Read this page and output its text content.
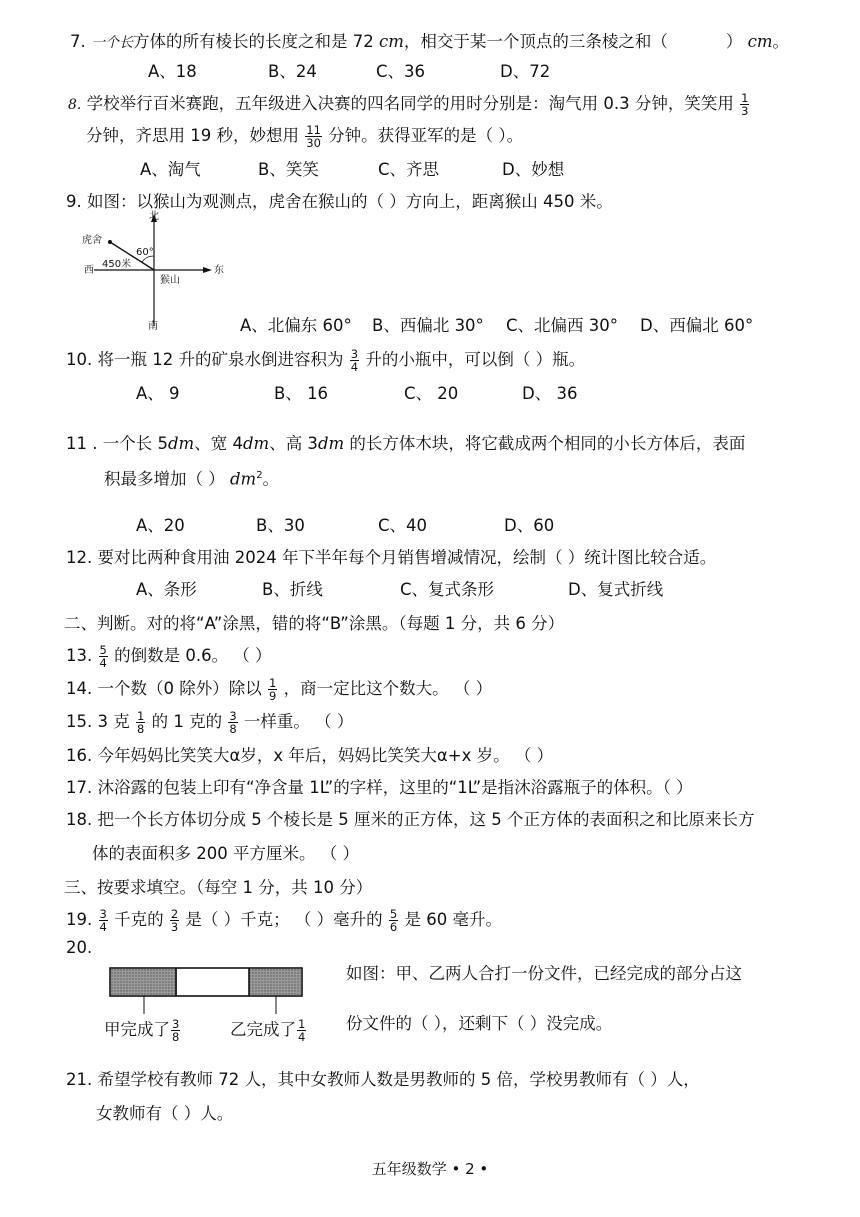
7. 一个长方体的所有棱长的长度之和是 72 cm，相交于某一个顶点的三条棱之和（	） cm。
A、18	B、24	C、36	D、72
8. 学校举行百米赛跑，五年级进入决赛的四名同学的用时分别是：淘气用 0.3 分钟，笑笑用 $\frac{1}{3}$
分钟，齐思用 19 秒，妙想用 $\frac{11}{30}$ 分钟。获得亚军的是（ ）。
A、淘气	B、笑笑	C、齐思	D、妙想
9. 如图：以猴山为观测点，虎舍在猴山的（ ）方向上，距离猴山 450 米。
北
南
东
西
虎舍
猴山
60°
450米
A、北偏东 60° B、西偏北 30° C、北偏西 30° D、西偏北 60°
10. 将一瓶 12 升的矿泉水倒进容积为 $\frac{3}{4}$ 升的小瓶中，可以倒（ ）瓶。
A、 9	B、 16	C、 20	D、 36
11 . 一个长 5dm、宽 4dm、高 3dm 的长方体木块，将它截成两个相同的小长方体后，表面
积最多增加（ ） $dm^2$。
A、20	B、30	C、40	D、60
12. 要对比两种食用油 2024 年下半年每个月销售增减情况，绘制（ ）统计图比较合适。
A、条形	B、折线	C、复式条形	D、复式折线
二、判断。对的将“A”涂黑，错的将“B”涂黑。（每题 1 分，共 6 分）
13. $\frac{5}{4}$ 的倒数是 0.6。 （ ）
14. 一个数（0 除外）除以 $\frac{1}{9}$ ，商一定比这个数大。 （ ）
15. 3 克 $\frac{1}{8}$ 的 1 克的 $\frac{3}{8}$ 一样重。 （ ）
16. 今年妈妈比笑笑大α岁，x 年后，妈妈比笑笑大α+x 岁。 （ ）
17. 沐浴露的包装上印有“净含量 1L”的字样，这里的“1L”是指沐浴露瓶子的体积。（ ）
18. 把一个长方体切分成 5 个棱长是 5 厘米的正方体，这 5 个正方体的表面积之和比原来长方
体的表面积多 200 平方厘米。 （ ）
三、按要求填空。（每空 1 分，共 10 分）
19. $\frac{3}{4}$ 千克的 $\frac{2}{3}$ 是（ ）千克； （ ）毫升的 $\frac{5}{6}$ 是 60 毫升。
20.
甲完成了 $\frac{3}{8}$	乙完成了 $\frac{1}{4}$
如图：甲、乙两人合打一份文件，已经完成的部分占这
份文件的（ ），还剩下（ ）没完成。
21. 希望学校有教师 72 人，其中女教师人数是男教师的 5 倍，学校男教师有（ ）人，
女教师有（ ）人。
五年级数学 • 2 •
